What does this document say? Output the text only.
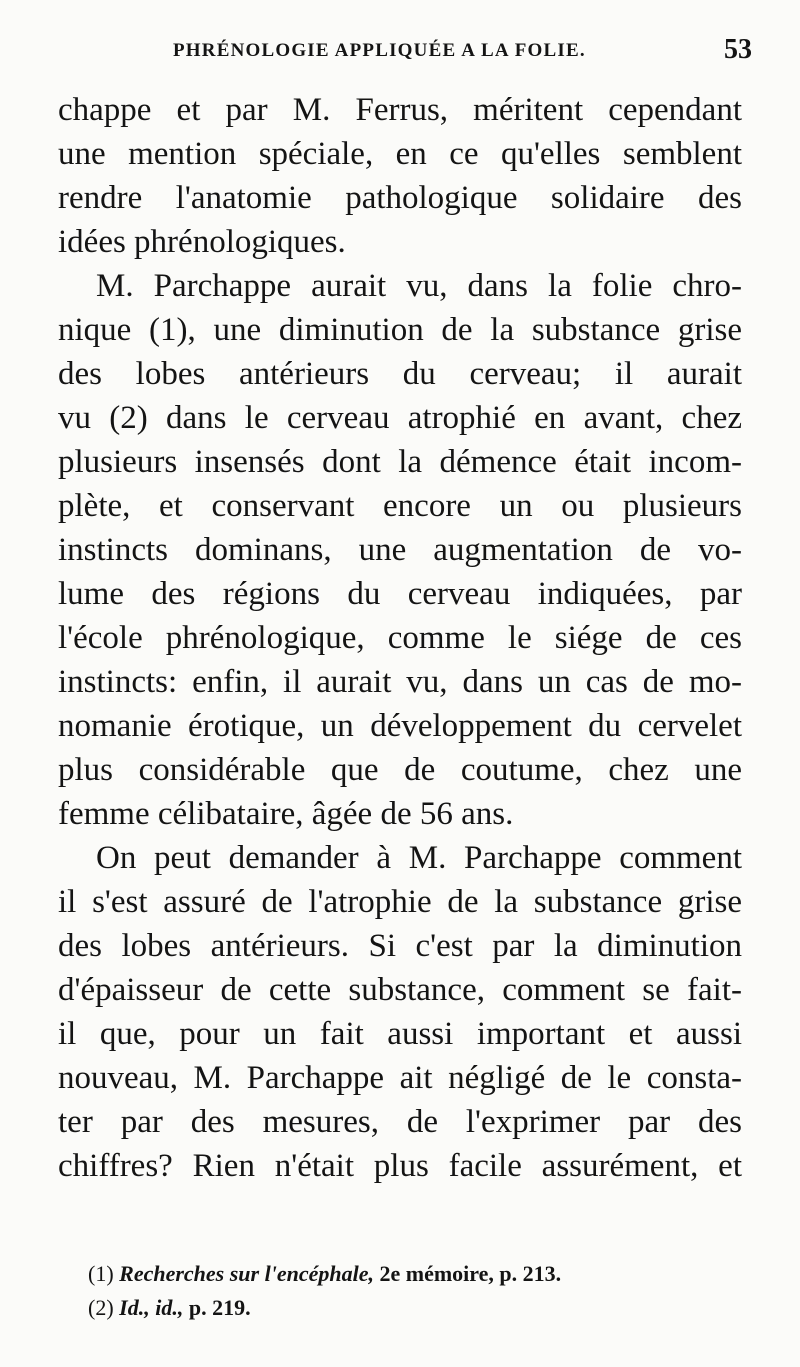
PHRÉNOLOGIE APPLIQUÉE A LA FOLIE.	53
chappe et par M. Ferrus, méritent cependant
une mention spéciale, en ce qu'elles semblent
rendre l'anatomie pathologique solidaire des
idées phrénologiques.
M. Parchappe aurait vu, dans la folie chro-
nique (1), une diminution de la substance grise
des lobes antérieurs du cerveau; il aurait
vu (2) dans le cerveau atrophié en avant, chez
plusieurs insensés dont la démence était incom-
plète, et conservant encore un ou plusieurs
instincts dominans, une augmentation de vo-
lume des régions du cerveau indiquées, par
l'école phrénologique, comme le siége de ces
instincts: enfin, il aurait vu, dans un cas de mo-
nomanie érotique, un développement du cervelet
plus considérable que de coutume, chez une
femme célibataire, âgée de 56 ans.
On peut demander à M. Parchappe comment
il s'est assuré de l'atrophie de la substance grise
des lobes antérieurs. Si c'est par la diminution
d'épaisseur de cette substance, comment se fait-
il que, pour un fait aussi important et aussi
nouveau, M. Parchappe ait négligé de le consta-
ter par des mesures, de l'exprimer par des
chiffres? Rien n'était plus facile assurément, et
(1) Recherches sur l'encéphale, 2e mémoire, p. 213.
(2) Id., id., p. 219.
